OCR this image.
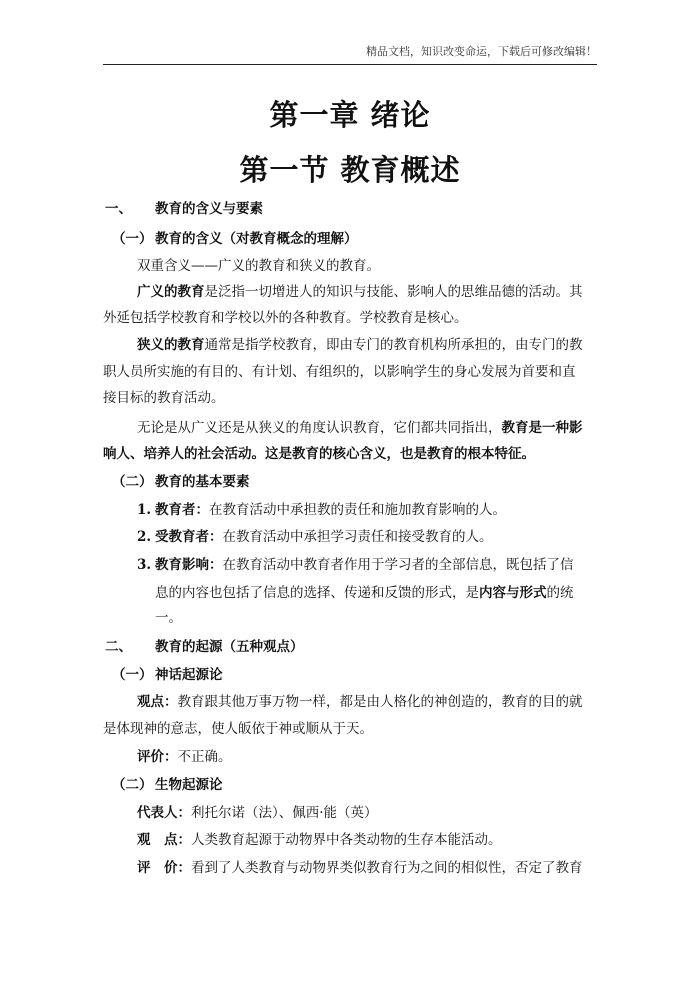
精品文档，知识改变命运，下载后可修改编辑！
第一章 绪论
第一节 教育概述
一、 教育的含义与要素
（一） 教育的含义（对教育概念的理解）
双重含义——广义的教育和狭义的教育。
广义的教育是泛指一切增进人的知识与技能、影响人的思维品德的活动。其
外延包括学校教育和学校以外的各种教育。学校教育是核心。
狭义的教育通常是指学校教育，即由专门的教育机构所承担的，由专门的教
职人员所实施的有目的、有计划、有组织的，以影响学生的身心发展为首要和直
接目标的教育活动。
无论是从广义还是从狭义的角度认识教育，它们都共同指出，教育是一种影
响人、培养人的社会活动。这是教育的核心含义，也是教育的根本特征。
（二） 教育的基本要素
1. 教育者：在教育活动中承担教的责任和施加教育影响的人。
2. 受教育者：在教育活动中承担学习责任和接受教育的人。
3. 教育影响：在教育活动中教育者作用于学习者的全部信息，既包括了信
息的内容也包括了信息的选择、传递和反馈的形式，是内容与形式的统
一。
二、 教育的起源（五种观点）
（一） 神话起源论
观点：教育跟其他万事万物一样，都是由人格化的神创造的，教育的目的就
是体现神的意志，使人皈依于神或顺从于天。
评价：不正确。
（二） 生物起源论
代表人：利托尔诺（法）、佩西·能（英）
观　点：人类教育起源于动物界中各类动物的生存本能活动。
评　价：看到了人类教育与动物界类似教育行为之间的相似性，否定了教育
